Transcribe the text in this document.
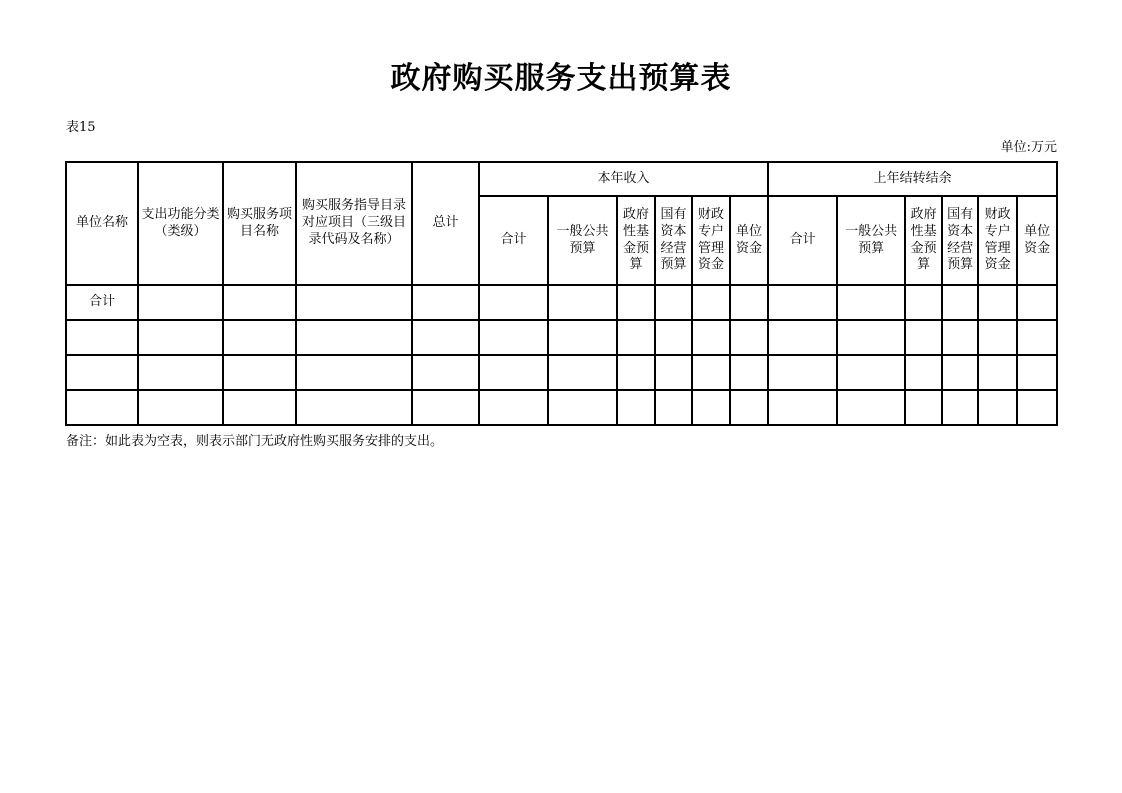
政府购买服务支出预算表
表15
单位:万元
单位名称	支出功能分类（类级）	购买服务项目名称	购买服务指导目录对应项目（三级目录代码及名称）	总计	本年收入						上年结转结余					
					合计	一般公共预算	政府性基金预算	国有资本经营预算	财政专户管理资金	单位资金	合计	一般公共预算	政府性基金预算	国有资本经营预算	财政专户管理资金	单位资金
合计																

备注：如此表为空表，则表示部门无政府性购买服务安排的支出。
